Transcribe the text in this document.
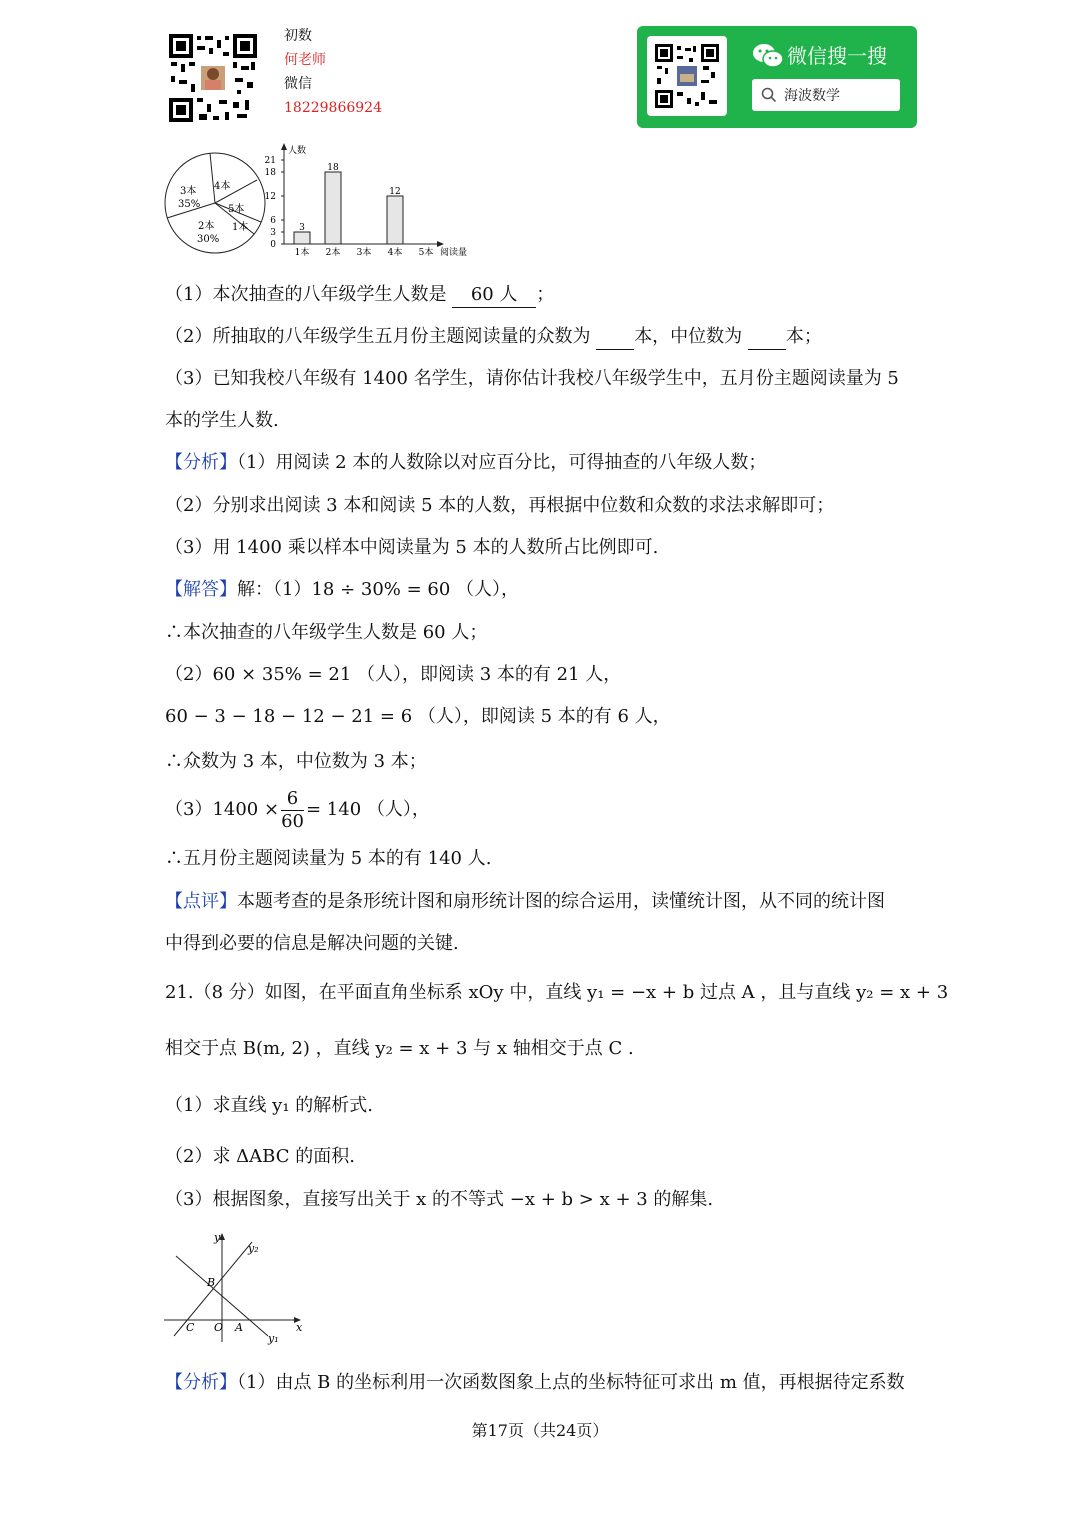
初数
何老师
微信
18229866924
微信搜一搜
海波数学
3本
35%
4本
5本
1本
2本
30%
人数
阅读量
0
3
6
12
18
21
3
1本
18
2本 3本
12
4本 5本
（1）本次抽查的八年级学生人数是 60 人 ；
（2）所抽取的八年级学生五月份主题阅读量的众数为 本，中位数为 本；
（3）已知我校八年级有 1400 名学生，请你估计我校八年级学生中，五月份主题阅读量为 5
本的学生人数.
【分析】（1）用阅读 2 本的人数除以对应百分比，可得抽查的八年级人数；
（2）分别求出阅读 3 本和阅读 5 本的人数，再根据中位数和众数的求法求解即可；
（3）用 1400 乘以样本中阅读量为 5 本的人数所占比例即可.
【解答】解：（1）18 ÷ 30% = 60 （人），
∴本次抽查的八年级学生人数是 60 人；
（2）60 × 35% = 21 （人），即阅读 3 本的有 21 人，
60 − 3 − 18 − 12 − 21 = 6 （人），即阅读 5 本的有 6 人，
∴众数为 3 本，中位数为 3 本；
$(3)1400 \times \frac{6}{60} = 140$ （人），
∴五月份主题阅读量为 5 本的有 140 人.
【点评】本题考查的是条形统计图和扇形统计图的综合运用，读懂统计图，从不同的统计图
中得到必要的信息是解决问题的关键.
21.（8 分）如图，在平面直角坐标系 xOy 中，直线 y₁ = −x + b 过点 A ，且与直线 y₂ = x + 3
相交于点 B(m, 2) ，直线 y₂ = x + 3 与 x 轴相交于点 C .
（1）求直线 y₁ 的解析式.
（2）求 ΔABC 的面积.
（3）根据图象，直接写出关于 x 的不等式 −x + b > x + 3 的解集.
y
y₂
x
y₁
B
C O A
【分析】（1）由点 B 的坐标利用一次函数图象上点的坐标特征可求出 m 值，再根据待定系数
第17页（共24页）
